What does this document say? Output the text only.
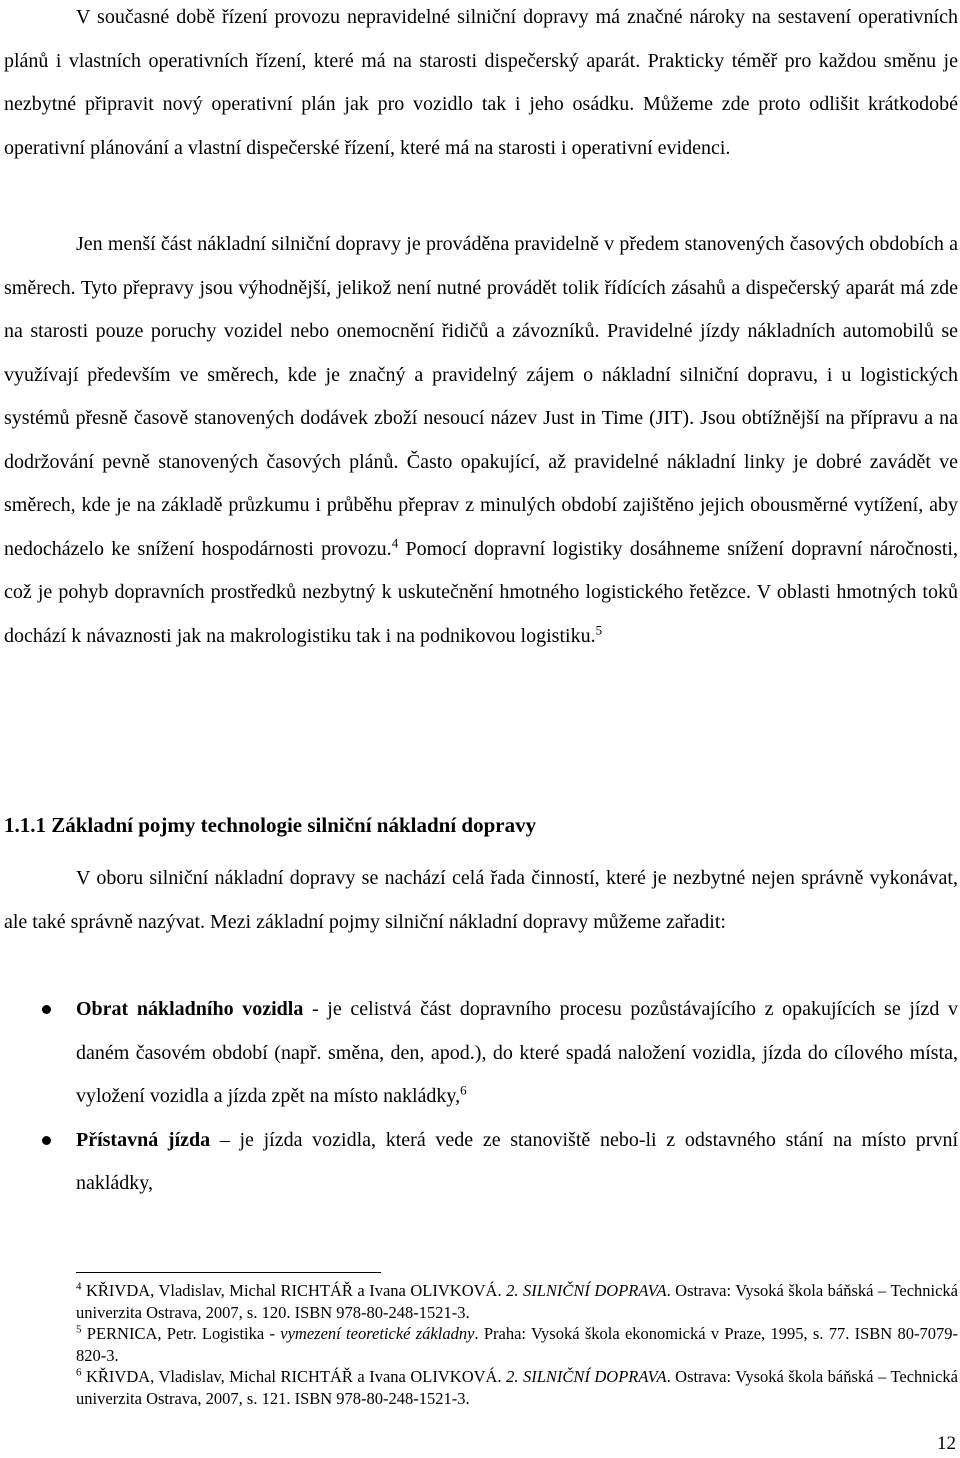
V současné době řízení provozu nepravidelné silniční dopravy má značné nároky na sestavení operativních plánů i vlastních operativních řízení, které má na starosti dispečerský aparát. Prakticky téměř pro každou směnu je nezbytné připravit nový operativní plán jak pro vozidlo tak i jeho osádku. Můžeme zde proto odlišit krátkodobé operativní plánování a vlastní dispečerské řízení, které má na starosti i operativní evidenci.

Jen menší část nákladní silniční dopravy je prováděna pravidelně v předem stanovených časových obdobích a směrech. Tyto přepravy jsou výhodnější, jelikož není nutné provádět tolik řídících zásahů a dispečerský aparát má zde na starosti pouze poruchy vozidel nebo onemocnění řidičů a závozníků. Pravidelné jízdy nákladních automobilů se využívají především ve směrech, kde je značný a pravidelný zájem o nákladní silniční dopravu, i u logistických systémů přesně časově stanovených dodávek zboží nesoucí název Just in Time (JIT). Jsou obtížnější na přípravu a na dodržování pevně stanovených časových plánů. Často opakující, až pravidelné nákladní linky je dobré zavádět ve směrech, kde je na základě průzkumu i průběhu přeprav z minulých období zajištěno jejich obousměrné vytížení, aby nedocházelo ke snížení hospodárnosti provozu.$^4$ Pomocí dopravní logistiky dosáhneme snížení dopravní náročnosti, což je pohyb dopravních prostředků nezbytný k uskutečnění hmotného logistického řetězce. V oblasti hmotných toků dochází k návaznosti jak na makrologistiku tak i na podnikovou logistiku.$^5$

1.1.1 Základní pojmy technologie silniční nákladní dopravy

V oboru silniční nákladní dopravy se nachází celá řada činností, které je nezbytné nejen správně vykonávat, ale také správně nazývat. Mezi základní pojmy silniční nákladní dopravy můžeme zařadit:

Obrat nákladního vozidla - je celistvá část dopravního procesu pozůstávajícího z opakujících se jízd v daném časovém období (např. směna, den, apod.), do které spadá naložení vozidla, jízda do cílového místa, vyložení vozidla a jízda zpět na místo nakládky,$^6$
Přístavná jízda – je jízda vozidla, která vede ze stanoviště nebo-li z odstavného stání na místo první nakládky,

$^4$ KŘIVDA, Vladislav, Michal RICHTÁŘ a Ivana OLIVKOVÁ. 2. SILNIČNÍ DOPRAVA. Ostrava: Vysoká škola báňská – Technická univerzita Ostrava, 2007, s. 120. ISBN 978-80-248-1521-3.

$^5$ PERNICA, Petr. Logistika - vymezení teoretické základny. Praha: Vysoká škola ekonomická v Praze, 1995, s. 77. ISBN 80-7079-820-3.

$^6$ KŘIVDA, Vladislav, Michal RICHTÁŘ a Ivana OLIVKOVÁ. 2. SILNIČNÍ DOPRAVA. Ostrava: Vysoká škola báňská – Technická univerzita Ostrava, 2007, s. 121. ISBN 978-80-248-1521-3.

12
